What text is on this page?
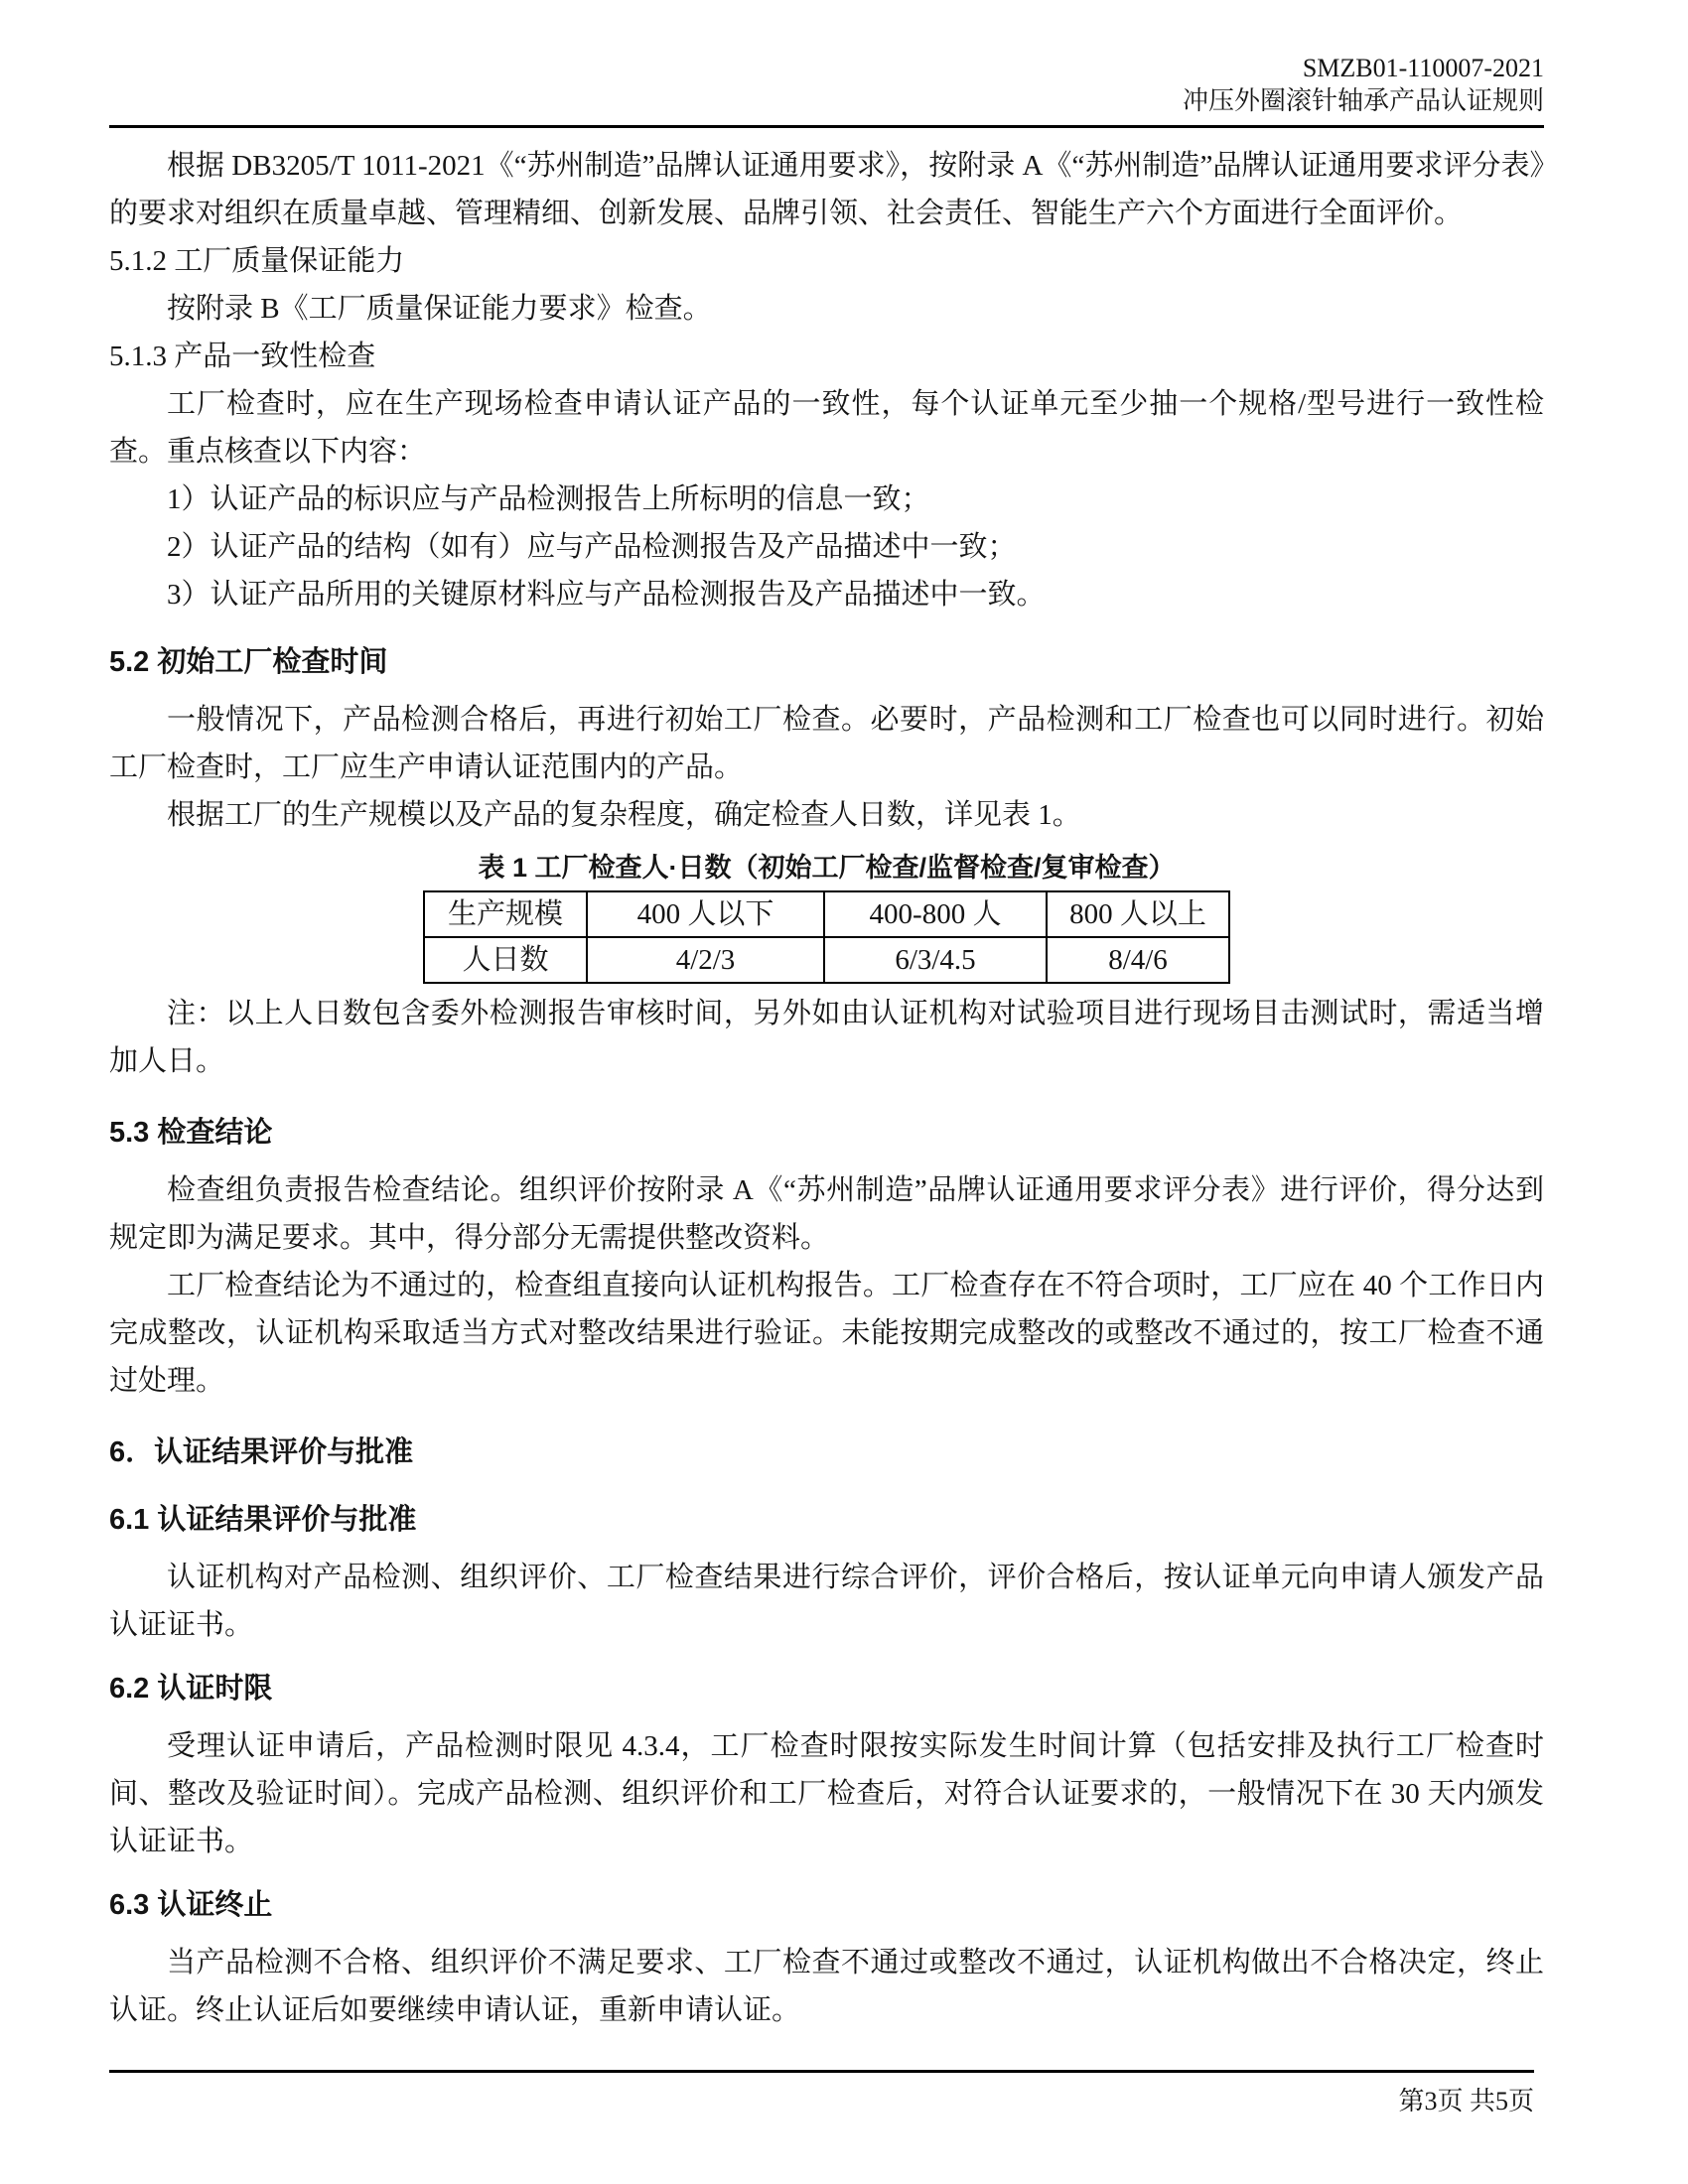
SMZB01-110007-2021
冲压外圈滚针轴承产品认证规则

根据 DB3205/T 1011-2021《“苏州制造”品牌认证通用要求》，按附录 A《“苏州制造”品牌认证通用要求评分表》的要求对组织在质量卓越、管理精细、创新发展、品牌引领、社会责任、智能生产六个方面进行全面评价。

5.1.2 工厂质量保证能力

按附录 B《工厂质量保证能力要求》检查。

5.1.3 产品一致性检查

工厂检查时，应在生产现场检查申请认证产品的一致性，每个认证单元至少抽一个规格/型号进行一致性检查。重点核查以下内容：

1）认证产品的标识应与产品检测报告上所标明的信息一致；

2）认证产品的结构（如有）应与产品检测报告及产品描述中一致；

3）认证产品所用的关键原材料应与产品检测报告及产品描述中一致。

5.2 初始工厂检查时间

一般情况下，产品检测合格后，再进行初始工厂检查。必要时，产品检测和工厂检查也可以同时进行。初始工厂检查时，工厂应生产申请认证范围内的产品。

根据工厂的生产规模以及产品的复杂程度，确定检查人日数，详见表 1。

表 1 工厂检查人·日数（初始工厂检查/监督检查/复审检查）
生产规模	400 人以下	400-800 人	800 人以上
人日数	4/2/3	6/3/4.5	8/4/6

注：以上人日数包含委外检测报告审核时间，另外如由认证机构对试验项目进行现场目击测试时，需适当增加人日。

5.3 检查结论

检查组负责报告检查结论。组织评价按附录 A《“苏州制造”品牌认证通用要求评分表》进行评价，得分达到规定即为满足要求。其中，得分部分无需提供整改资料。

工厂检查结论为不通过的，检查组直接向认证机构报告。工厂检查存在不符合项时，工厂应在 40 个工作日内完成整改，认证机构采取适当方式对整改结果进行验证。未能按期完成整改的或整改不通过的，按工厂检查不通过处理。

6．认证结果评价与批准
6.1 认证结果评价与批准

认证机构对产品检测、组织评价、工厂检查结果进行综合评价，评价合格后，按认证单元向申请人颁发产品认证证书。

6.2 认证时限

受理认证申请后，产品检测时限见 4.3.4，工厂检查时限按实际发生时间计算（包括安排及执行工厂检查时间、整改及验证时间）。完成产品检测、组织评价和工厂检查后，对符合认证要求的，一般情况下在 30 天内颁发认证证书。

6.3 认证终止

当产品检测不合格、组织评价不满足要求、工厂检查不通过或整改不通过，认证机构做出不合格决定，终止认证。终止认证后如要继续申请认证，重新申请认证。

第3页 共5页
